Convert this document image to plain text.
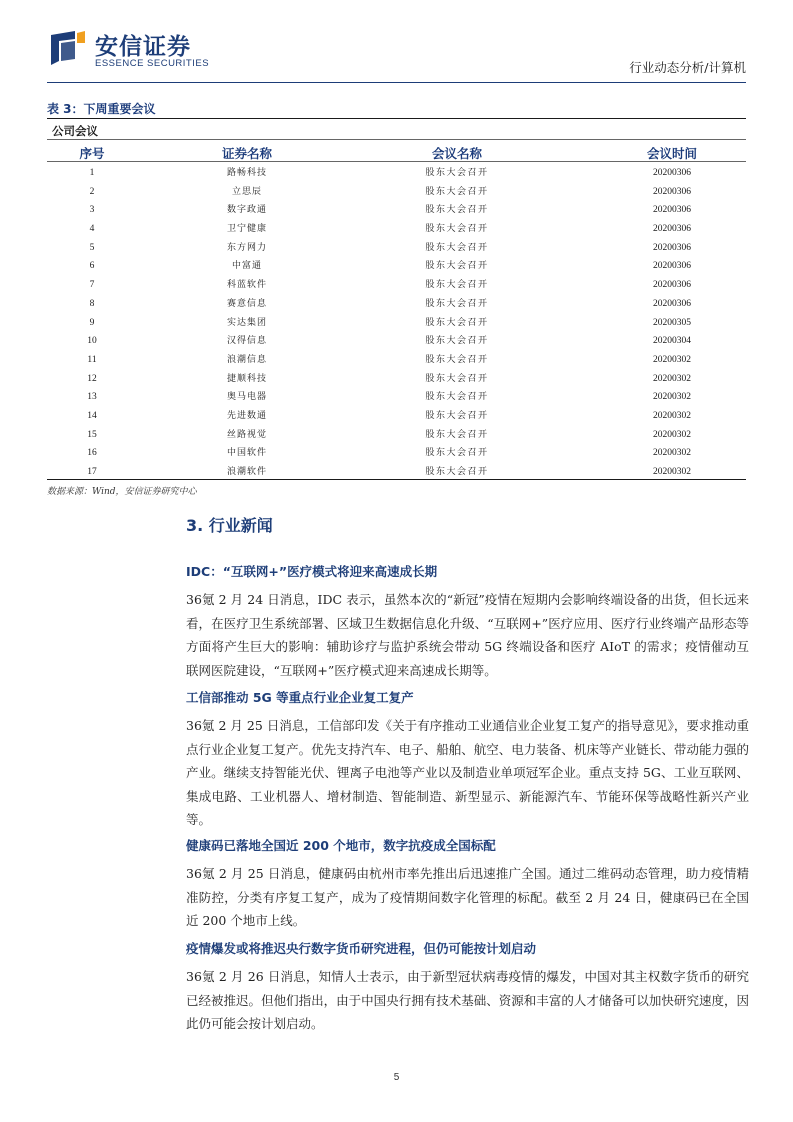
安信证券
ESSENCE SECURITIES	行业动态分析/计算机
表 3：下周重要会议
公司会议
序号	证券名称	会议名称	会议时间
1	路畅科技	股东大会召开	20200306
2	立思辰	股东大会召开	20200306
3	数字政通	股东大会召开	20200306
4	卫宁健康	股东大会召开	20200306
5	东方网力	股东大会召开	20200306
6	中富通	股东大会召开	20200306
7	科蓝软件	股东大会召开	20200306
8	赛意信息	股东大会召开	20200306
9	实达集团	股东大会召开	20200305
10	汉得信息	股东大会召开	20200304
11	浪潮信息	股东大会召开	20200302
12	捷顺科技	股东大会召开	20200302
13	奥马电器	股东大会召开	20200302
14	先进数通	股东大会召开	20200302
15	丝路视觉	股东大会召开	20200302
16	中国软件	股东大会召开	20200302
17	浪潮软件	股东大会召开	20200302
数据来源：Wind，安信证券研究中心
3. 行业新闻
IDC：“互联网+”医疗模式将迎来高速成长期
36氪 2 月 24 日消息，IDC 表示，虽然本次的“新冠”疫情在短期内会影响终端设备的出货，但长远来看，在医疗卫生系统部署、区域卫生数据信息化升级、“互联网+”医疗应用、医疗行业终端产品形态等方面将产生巨大的影响：辅助诊疗与监护系统会带动 5G 终端设备和医疗 AIoT 的需求；疫情催动互联网医院建设，“互联网+”医疗模式迎来高速成长期等。
工信部推动 5G 等重点行业企业复工复产
36氪 2 月 25 日消息，工信部印发《关于有序推动工业通信业企业复工复产的指导意见》，要求推动重点行业企业复工复产。优先支持汽车、电子、船舶、航空、电力装备、机床等产业链长、带动能力强的产业。继续支持智能光伏、锂离子电池等产业以及制造业单项冠军企业。重点支持 5G、工业互联网、集成电路、工业机器人、增材制造、智能制造、新型显示、新能源汽车、节能环保等战略性新兴产业等。
健康码已落地全国近 200 个地市，数字抗疫成全国标配
36氪 2 月 25 日消息，健康码由杭州市率先推出后迅速推广全国。通过二维码动态管理，助力疫情精准防控，分类有序复工复产，成为了疫情期间数字化管理的标配。截至 2 月 24 日，健康码已在全国近 200 个地市上线。
疫情爆发或将推迟央行数字货币研究进程，但仍可能按计划启动
36氪 2 月 26 日消息，知情人士表示，由于新型冠状病毒疫情的爆发，中国对其主权数字货币的研究已经被推迟。但他们指出，由于中国央行拥有技术基础、资源和丰富的人才储备可以加快研究速度，因此仍可能会按计划启动。
5
